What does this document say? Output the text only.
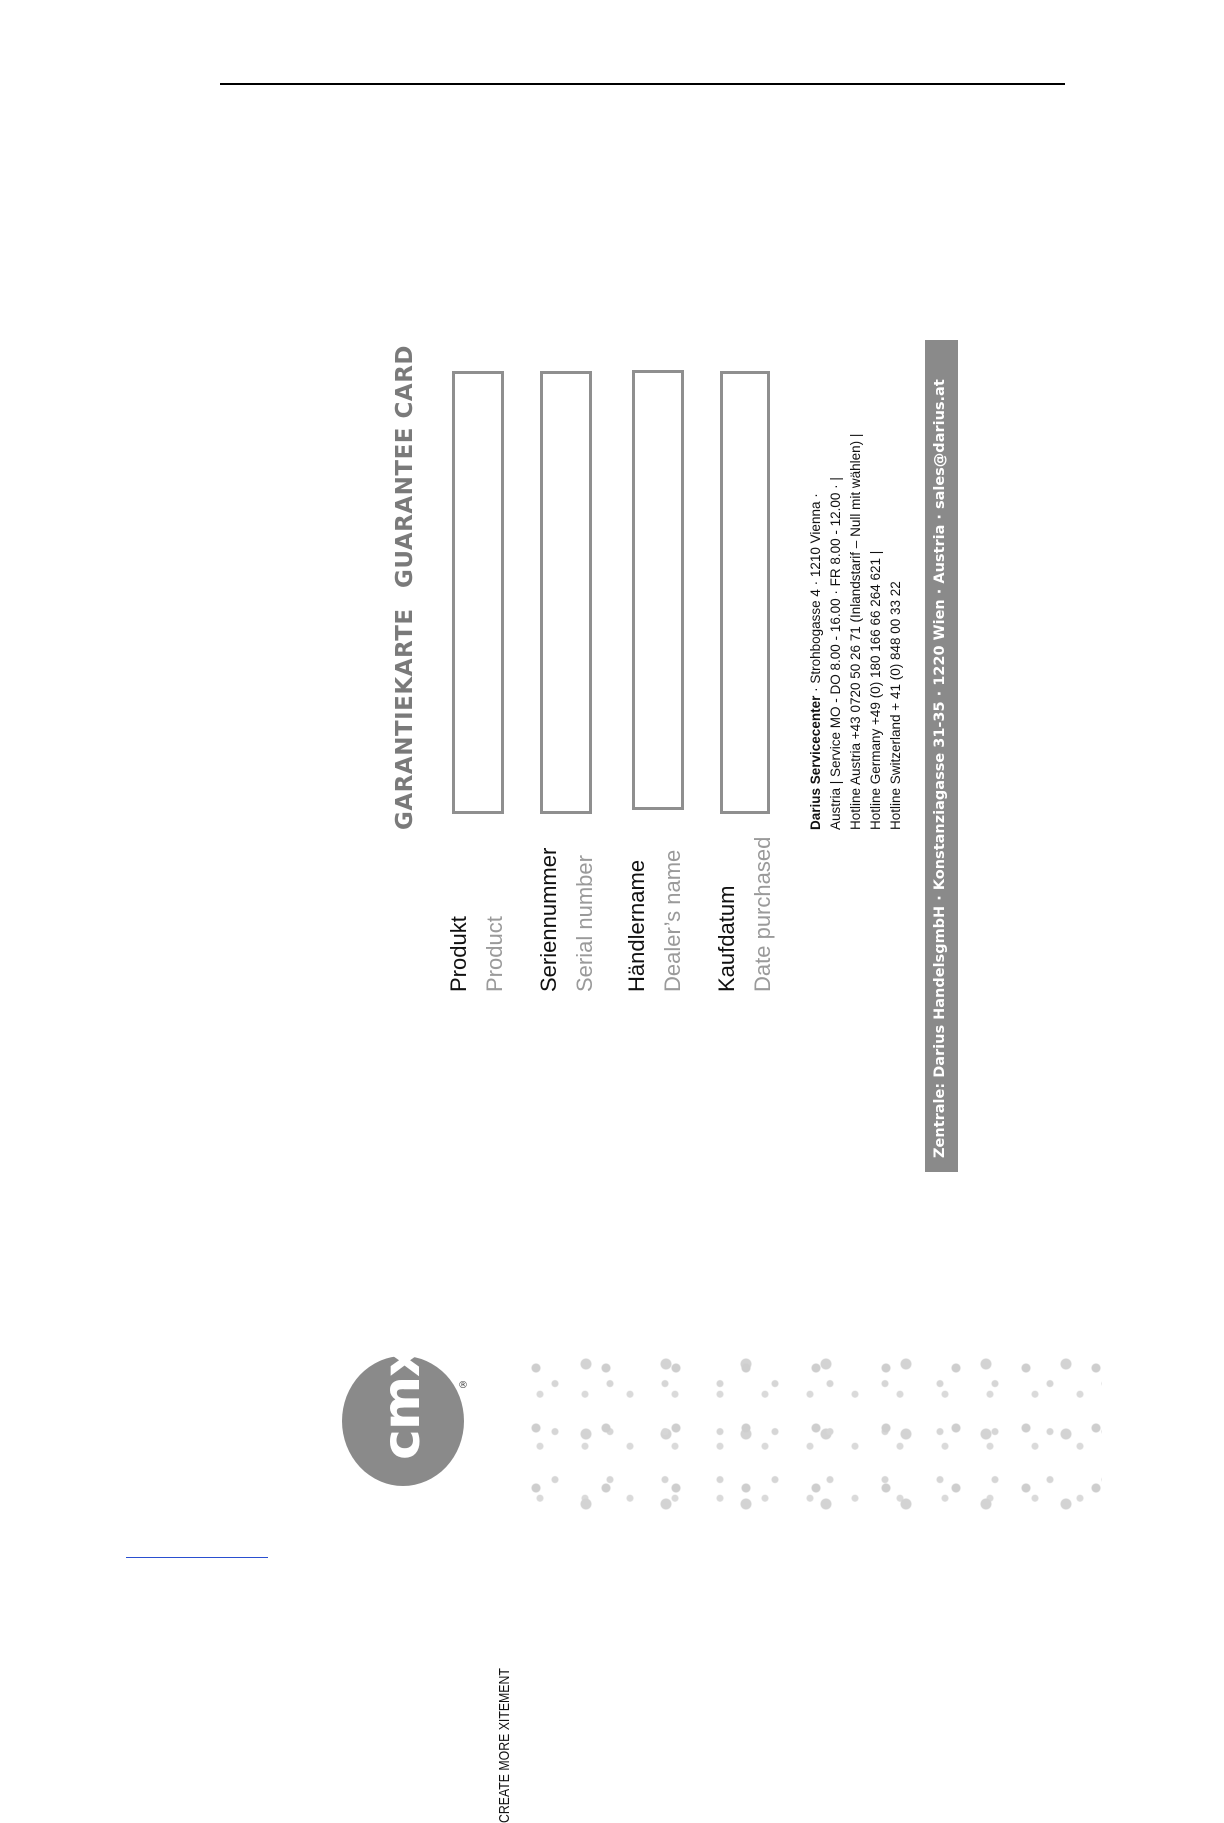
cmx	®
CREATE MORE XITEMENT
Produkt Product Seriennummer Serial number Händlername Dealer’s name Kaufdatum Date purchased
GARANTIEKARTE
GUARANTEE CARD
Darius Servicecenter · Strohbogasse 4 · 1210 Vienna · Austria | Service MO - DO 8.00 - 16.00 · FR 8.00 - 12.00 · | Hotline Austria +43 0720 50 26 71 (Inlandstarif – Null mit wählen) | Hotline Germany +49 (0) 180 166 66 264 621 | Hotline Switzerland + 41 (0) 848 00 33 22 Zentrale: Darius HandelsgmbH · Konstanziagasse 31-35 · 1220 Wien · Austria · sales@darius.at
